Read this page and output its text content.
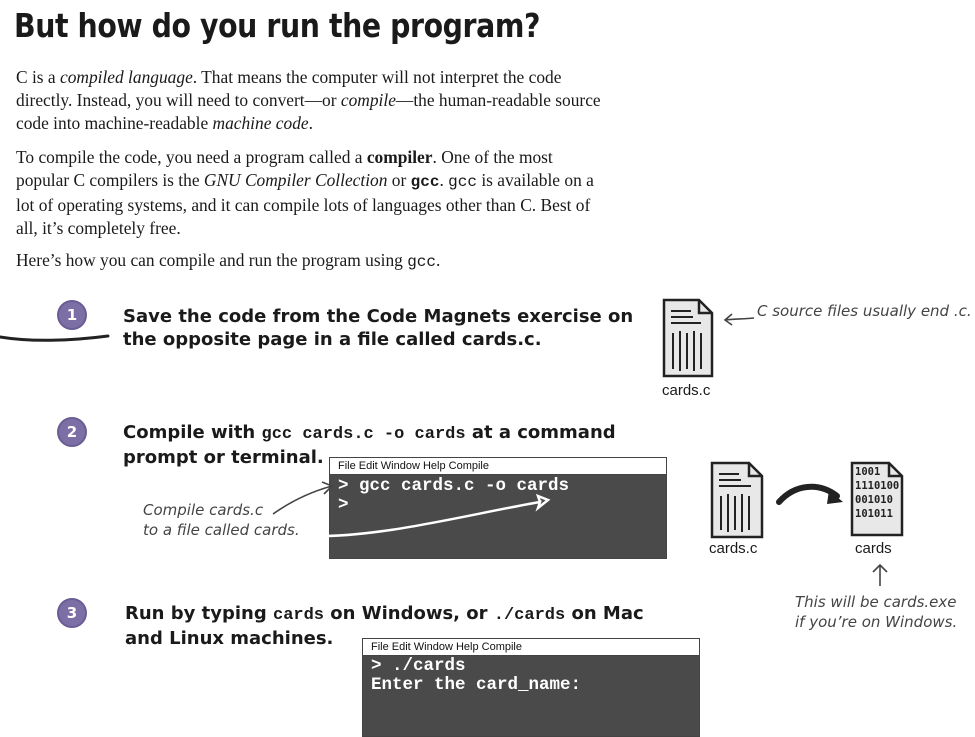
But how do you run the program?

C is a compiled language. That means the computer will not interpret the code directly. Instead, you will need to convert—or compile—the human-readable source code into machine-readable machine code.

To compile the code, you need a program called a compiler. One of the most popular C compilers is the GNU Compiler Collection or gcc. gcc is available on a lot of operating systems, and it can compile lots of languages other than C. Best of all, it’s completely free.

Here’s how you can compile and run the program using gcc.

1	Save the code from the Code Magnets exercise on the opposite page in a file called cards.c.

cards.c

C source files usually end .c.

2	Compile with gcc cards.c -o cards at a command prompt or terminal.	File Edit Window Help Compile
> gcc cards.c -o cards
>

Compile cards.c
to a file called cards.

cards.c
1001
1110100
001010
101011
cards

This will be cards.exe
if you’re on Windows.

3	Run by typing cards on Windows, or ./cards on Mac and Linux machines.	File Edit Window Help Compile
> ./cards
Enter the card_name:
